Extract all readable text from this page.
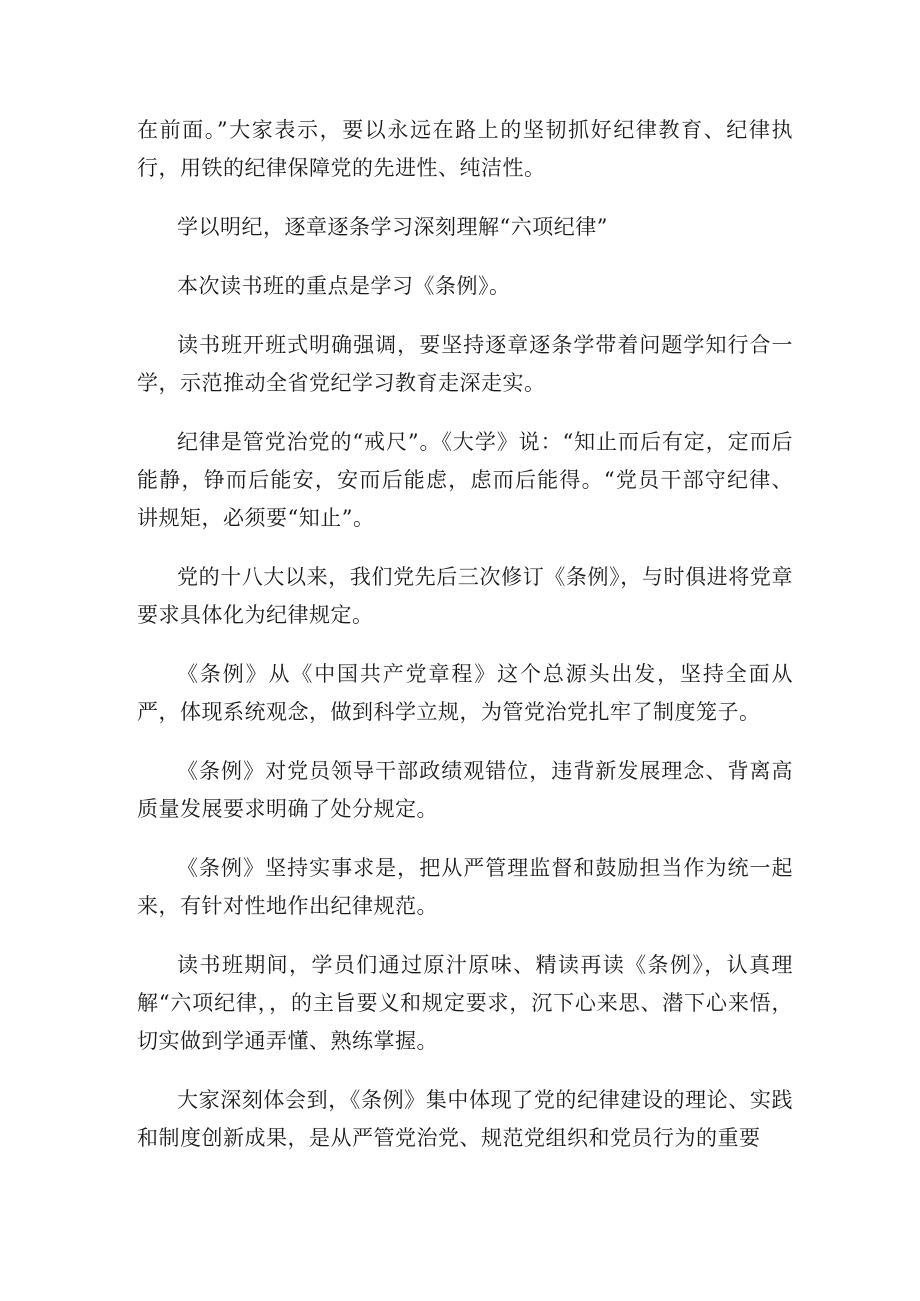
在前面。”大家表示，要以永远在路上的坚韧抓好纪律教育、纪律执行，用铁的纪律保障党的先进性、纯洁性。

学以明纪，逐章逐条学习深刻理解“六项纪律”

本次读书班的重点是学习《条例》。

读书班开班式明确强调，要坚持逐章逐条学带着问题学知行合一学，示范推动全省党纪学习教育走深走实。

纪律是管党治党的“戒尺”。《大学》说：“知止而后有定，定而后能静，铮而后能安，安而后能虑，虑而后能得。“党员干部守纪律、讲规矩，必须要“知止”。

党的十八大以来，我们党先后三次修订《条例》，与时俱进将党章要求具体化为纪律规定。

《条例》从《中国共产党章程》这个总源头出发，坚持全面从严，体现系统观念，做到科学立规，为管党治党扎牢了制度笼子。

《条例》对党员领导干部政绩观错位，违背新发展理念、背离高质量发展要求明确了处分规定。

《条例》坚持实事求是，把从严管理监督和鼓励担当作为统一起来，有针对性地作出纪律规范。

读书班期间，学员们通过原汁原味、精读再读《条例》，认真理解“六项纪律，，的主旨要义和规定要求，沉下心来思、潜下心来悟，切实做到学通弄懂、熟练掌握。

大家深刻体会到，《条例》集中体现了党的纪律建设的理论、实践和制度创新成果，是从严管党治党、规范党组织和党员行为的重要
